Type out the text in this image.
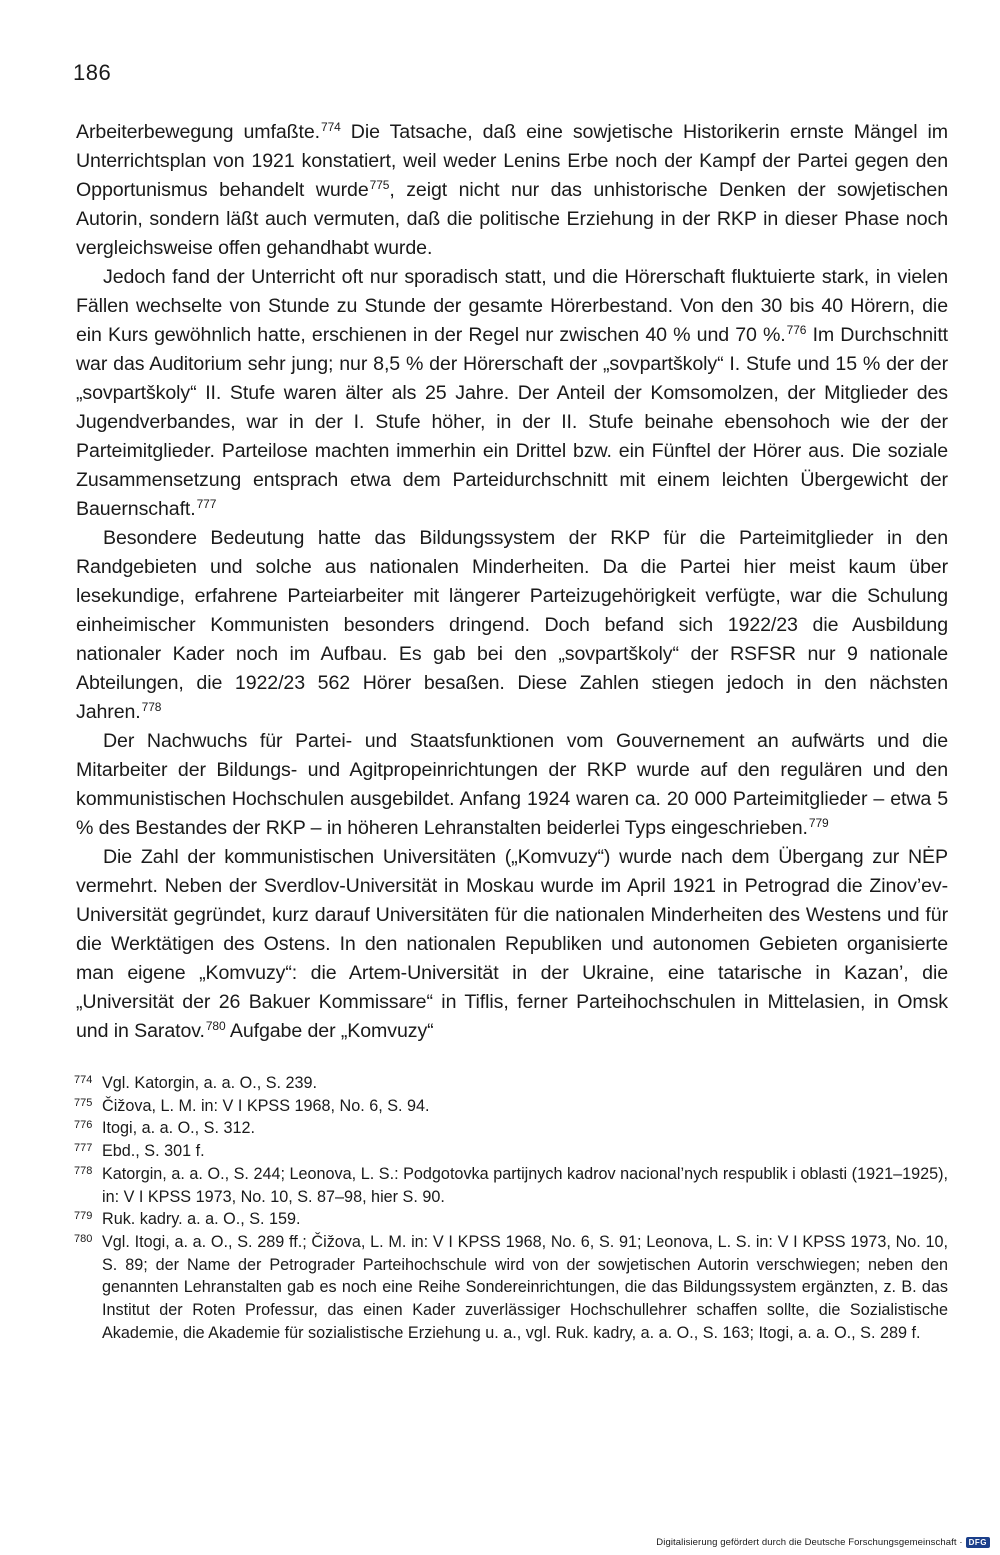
186

Arbeiterbewegung umfaßte.$^{774}$ Die Tatsache, daß eine sowjetische Historikerin ernste Mängel im Unterrichtsplan von 1921 konstatiert, weil weder Lenins Erbe noch der Kampf der Partei gegen den Opportunismus behandelt wurde$^{775}$, zeigt nicht nur das unhistorische Denken der sowjetischen Autorin, sondern läßt auch vermuten, daß die politische Erziehung in der RKP in dieser Phase noch vergleichsweise offen gehandhabt wurde.

Jedoch fand der Unterricht oft nur sporadisch statt, und die Hörerschaft fluktuierte stark, in vielen Fällen wechselte von Stunde zu Stunde der gesamte Hörerbestand. Von den 30 bis 40 Hörern, die ein Kurs gewöhnlich hatte, erschienen in der Regel nur zwischen 40 % und 70 %.$^{776}$ Im Durchschnitt war das Auditorium sehr jung; nur 8,5 % der Hörerschaft der „sovpartškoly“ I. Stufe und 15 % der der „sovpartškoly“ II. Stufe waren älter als 25 Jahre. Der Anteil der Komsomolzen, der Mitglieder des Jugendverbandes, war in der I. Stufe höher, in der II. Stufe beinahe ebensohoch wie der der Parteimitglieder. Parteilose machten immerhin ein Drittel bzw. ein Fünftel der Hörer aus. Die soziale Zusammensetzung entsprach etwa dem Parteidurchschnitt mit einem leichten Übergewicht der Bauernschaft.$^{777}$

Besondere Bedeutung hatte das Bildungssystem der RKP für die Parteimitglieder in den Randgebieten und solche aus nationalen Minderheiten. Da die Partei hier meist kaum über lesekundige, erfahrene Parteiarbeiter mit längerer Parteizugehörigkeit verfügte, war die Schulung einheimischer Kommunisten besonders dringend. Doch befand sich 1922/23 die Ausbildung nationaler Kader noch im Aufbau. Es gab bei den „sovpartškoly“ der RSFSR nur 9 nationale Abteilungen, die 1922/23 562 Hörer besaßen. Diese Zahlen stiegen jedoch in den nächsten Jahren.$^{778}$

Der Nachwuchs für Partei- und Staatsfunktionen vom Gouvernement an aufwärts und die Mitarbeiter der Bildungs- und Agitpropeinrichtungen der RKP wurde auf den regulären und den kommunistischen Hochschulen ausgebildet. Anfang 1924 waren ca. 20 000 Parteimitglieder – etwa 5 % des Bestandes der RKP – in höheren Lehranstalten beiderlei Typs eingeschrieben.$^{779}$

Die Zahl der kommunistischen Universitäten („Komvuzy“) wurde nach dem Übergang zur NĖP vermehrt. Neben der Sverdlov-Universität in Moskau wurde im April 1921 in Petrograd die Zinov’ev-Universität gegründet, kurz darauf Universitäten für die nationalen Minderheiten des Westens und für die Werktätigen des Ostens. In den nationalen Republiken und autonomen Gebieten organisierte man eigene „Komvuzy“: die Artem-Universität in der Ukraine, eine tatarische in Kazan’, die „Universität der 26 Bakuer Kommissare“ in Tiflis, ferner Parteihochschulen in Mittelasien, in Omsk und in Saratov.$^{780}$ Aufgabe der „Komvuzy“

774 Vgl. Katorgin, a. a. O., S. 239.
775 Čižova, L. M. in: V I KPSS 1968, No. 6, S. 94.
776 Itogi, a. a. O., S. 312.
777 Ebd., S. 301 f.
778 Katorgin, a. a. O., S. 244; Leonova, L. S.: Podgotovka partijnych kadrov nacional’nych respublik i oblasti (1921–1925), in: V I KPSS 1973, No. 10, S. 87–98, hier S. 90.
779 Ruk. kadry. a. a. O., S. 159.
780 Vgl. Itogi, a. a. O., S. 289 ff.; Čižova, L. M. in: V I KPSS 1968, No. 6, S. 91; Leonova, L. S. in: V I KPSS 1973, No. 10, S. 89; der Name der Petrograder Parteihochschule wird von der sowjetischen Autorin verschwiegen; neben den genannten Lehranstalten gab es noch eine Reihe Sondereinrichtungen, die das Bildungssystem ergänzten, z. B. das Institut der Roten Professur, das einen Kader zuverlässiger Hochschullehrer schaffen sollte, die Sozialistische Akademie, die Akademie für sozialistische Erziehung u. a., vgl. Ruk. kadry, a. a. O., S. 163; Itogi, a. a. O., S. 289 f.
Digitalisierung gefördert durch die Deutsche Forschungsgemeinschaft · DFG
